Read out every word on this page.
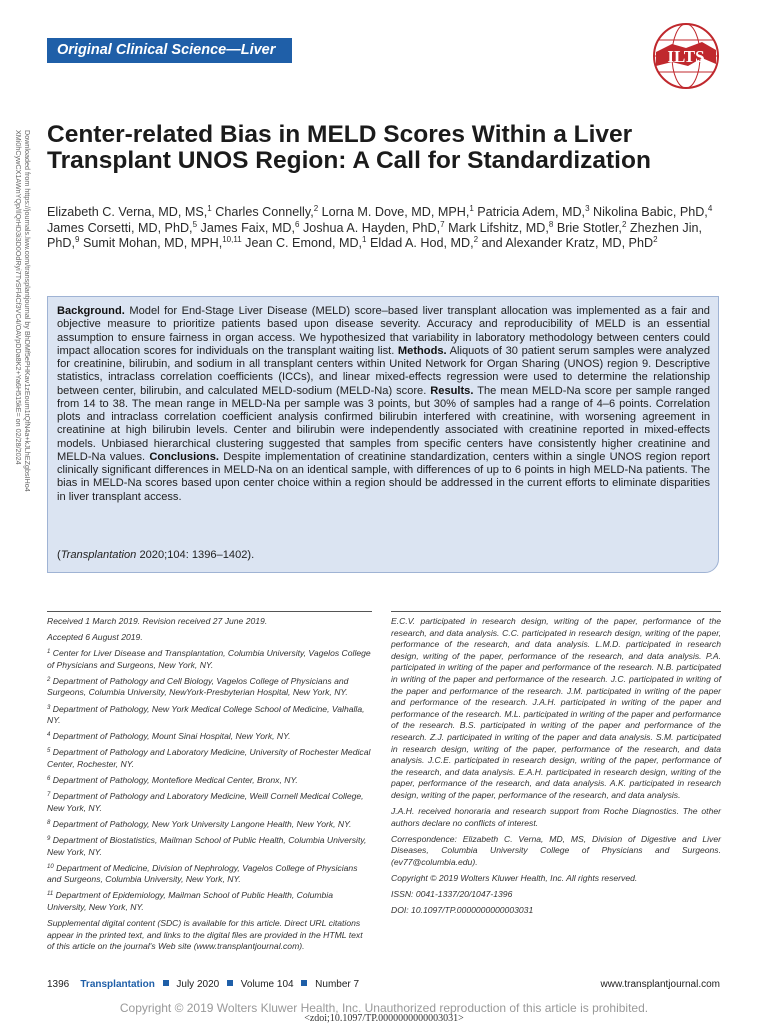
Original Clinical Science—Liver	ILTS
Downloaded from https://journals.lww.com/transplantjournal by BhDMf5ePHKav1zEoum1tQfN4a+kJLhEZgbsIHo4
XMi0hCywCX1AWnYQp/IlQrHD3i3D0OdRyi7TvSFl4Cf3VC4/OAVpDDa8K2+Ya6H515kE= on 02/28/2024 Center-related Bias in MELD Scores Within a Liver Transplant UNOS Region: A Call for Standardization
Elizabeth C. Verna, MD, MS,$^1$ Charles Connelly,$^2$ Lorna M. Dove, MD, MPH,$^1$ Patricia Adem, MD,$^3$ Nikolina Babic, PhD,$^4$ James Corsetti, MD, PhD,$^5$ James Faix, MD,$^6$ Joshua A. Hayden, PhD,$^7$ Mark Lifshitz, MD,$^8$ Brie Stotler,$^2$ Zhezhen Jin, PhD,$^9$ Sumit Mohan, MD, MPH,$^{10,11}$ Jean C. Emond, MD,$^1$ Eldad A. Hod, MD,$^2$ and Alexander Kratz, MD, PhD$^2$
Background. Model for End-Stage Liver Disease (MELD) score–based liver transplant allocation was implemented as a fair and objective measure to prioritize patients based upon disease severity. Accuracy and reproducibility of MELD is an essential assumption to ensure fairness in organ access. We hypothesized that variability in laboratory methodology between centers could impact allocation scores for individuals on the transplant waiting list. Methods. Aliquots of 30 patient serum samples were analyzed for creatinine, bilirubin, and sodium in all transplant centers within United Network for Organ Sharing (UNOS) region 9. Descriptive statistics, intraclass correlation coefficients (ICCs), and linear mixed-effects regression were used to determine the relationship between center, bilirubin, and calculated MELD-sodium (MELD-Na) score. Results. The mean MELD-Na score per sample ranged from 14 to 38. The mean range in MELD-Na per sample was 3 points, but 30% of samples had a range of 4–6 points. Correlation plots and intraclass correlation coefficient analysis confirmed bilirubin interfered with creatinine, with worsening agreement in creatinine at high bilirubin levels. Center and bilirubin were independently associated with creatinine reported in mixed-effects models. Unbiased hierarchical clustering suggested that samples from specific centers have consistently higher creatinine and MELD-Na values. Conclusions. Despite implementation of creatinine standardization, centers within a single UNOS region report clinically significant differences in MELD-Na on an identical sample, with differences of up to 6 points in high MELD-Na patients. The bias in MELD-Na scores based upon center choice within a region should be addressed in the current efforts to eliminate disparities in liver transplant access.
(Transplantation 2020;104: 1396–1402).

Received 1 March 2019. Revision received 27 June 2019.

Accepted 6 August 2019.

$^1$ Center for Liver Disease and Transplantation, Columbia University, Vagelos College of Physicians and Surgeons, New York, NY.

$^2$ Department of Pathology and Cell Biology, Vagelos College of Physicians and Surgeons, Columbia University, NewYork-Presbyterian Hospital, New York, NY.

$^3$ Department of Pathology, New York Medical College School of Medicine, Valhalla, NY.

$^4$ Department of Pathology, Mount Sinai Hospital, New York, NY.

$^5$ Department of Pathology and Laboratory Medicine, University of Rochester Medical Center, Rochester, NY.

$^6$ Department of Pathology, Montefiore Medical Center, Bronx, NY.

$^7$ Department of Pathology and Laboratory Medicine, Weill Cornell Medical College, New York, NY.

$^8$ Department of Pathology, New York University Langone Health, New York, NY.

$^9$ Department of Biostatistics, Mailman School of Public Health, Columbia University, New York, NY.

$^{10}$ Department of Medicine, Division of Nephrology, Vagelos College of Physicians and Surgeons, Columbia University, New York, NY.

$^{11}$ Department of Epidemiology, Mailman School of Public Health, Columbia University, New York, NY.

Supplemental digital content (SDC) is available for this article. Direct URL citations appear in the printed text, and links to the digital files are provided in the HTML text of this article on the journal's Web site (www.transplantjournal.com).

E.C.V. participated in research design, writing of the paper, performance of the research, and data analysis. C.C. participated in research design, writing of the paper, performance of the research, and data analysis. L.M.D. participated in research design, writing of the paper, performance of the research, and data analysis. P.A. participated in writing of the paper and performance of the research. N.B. participated in writing of the paper and performance of the research. J.C. participated in writing of the paper and performance of the research. J.M. participated in writing of the paper and performance of the research. J.A.H. participated in writing of the paper and performance of the research. M.L. participated in writing of the paper and performance of the research. B.S. participated in writing of the paper and performance of the research. Z.J. participated in writing of the paper and data analysis. S.M. participated in research design, writing of the paper, performance of the research, and data analysis. J.C.E. participated in research design, writing of the paper, performance of the research, and data analysis. E.A.H. participated in research design, writing of the paper, performance of the research, and data analysis. A.K. participated in research design, writing of the paper, performance of the research, and data analysis.

J.A.H. received honoraria and research support from Roche Diagnostics. The other authors declare no conflicts of interest.

Correspondence: Elizabeth C. Verna, MD, MS, Division of Digestive and Liver Diseases, Columbia University College of Physicians and Surgeons. (ev77@columbia.edu).

Copyright © 2019 Wolters Kluwer Health, Inc. All rights reserved.

ISSN: 0041-1337/20/1047-1396

DOI: 10.1097/TP.0000000000003031

1396 Transplantation July 2020 Volume 104 Number 7	www.transplantjournal.com
Copyright © 2019 Wolters Kluwer Health, Inc. Unauthorized reproduction of this article is prohibited.
<zdoi;10.1097/TP.0000000000003031>
